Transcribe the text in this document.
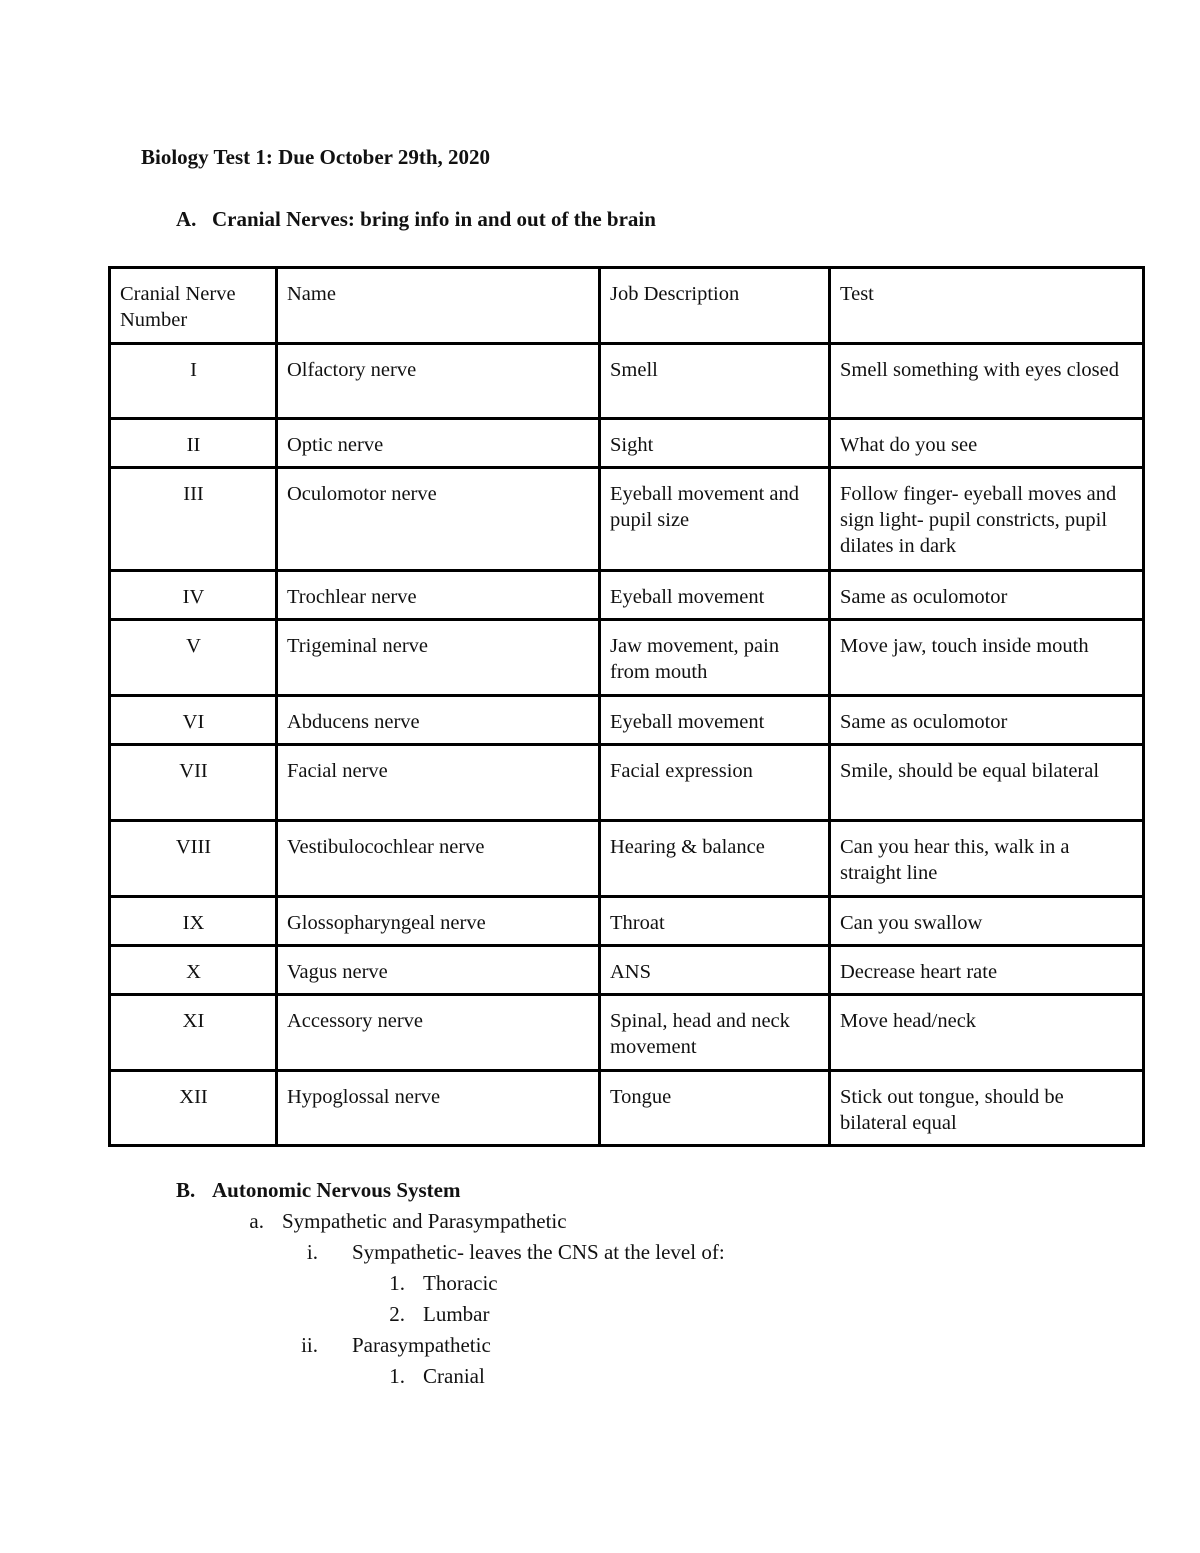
Biology Test 1: Due October 29th, 2020
A. Cranial Nerves: bring info in and out of the brain
Cranial Nerve Number	Name	Job Description	Test
I	Olfactory nerve	Smell	Smell something with eyes closed
II	Optic nerve	Sight	What do you see
III	Oculomotor nerve	Eyeball movement and pupil size	Follow finger- eyeball moves and sign light- pupil constricts, pupil dilates in dark
IV	Trochlear nerve	Eyeball movement	Same as oculomotor
V	Trigeminal nerve	Jaw movement, pain from mouth	Move jaw, touch inside mouth
VI	Abducens nerve	Eyeball movement	Same as oculomotor
VII	Facial nerve	Facial expression	Smile, should be equal bilateral
VIII	Vestibulocochlear nerve	Hearing & balance	Can you hear this, walk in a straight line
IX	Glossopharyngeal nerve	Throat	Can you swallow
X	Vagus nerve	ANS	Decrease heart rate
XI	Accessory nerve	Spinal, head and neck movement	Move head/neck
XII	Hypoglossal nerve	Tongue	Stick out tongue, should be bilateral equal
B. Autonomic Nervous System
a. Sympathetic and Parasympathetic
i. Sympathetic- leaves the CNS at the level of:
1. Thoracic
2. Lumbar
ii. Parasympathetic
1. Cranial
